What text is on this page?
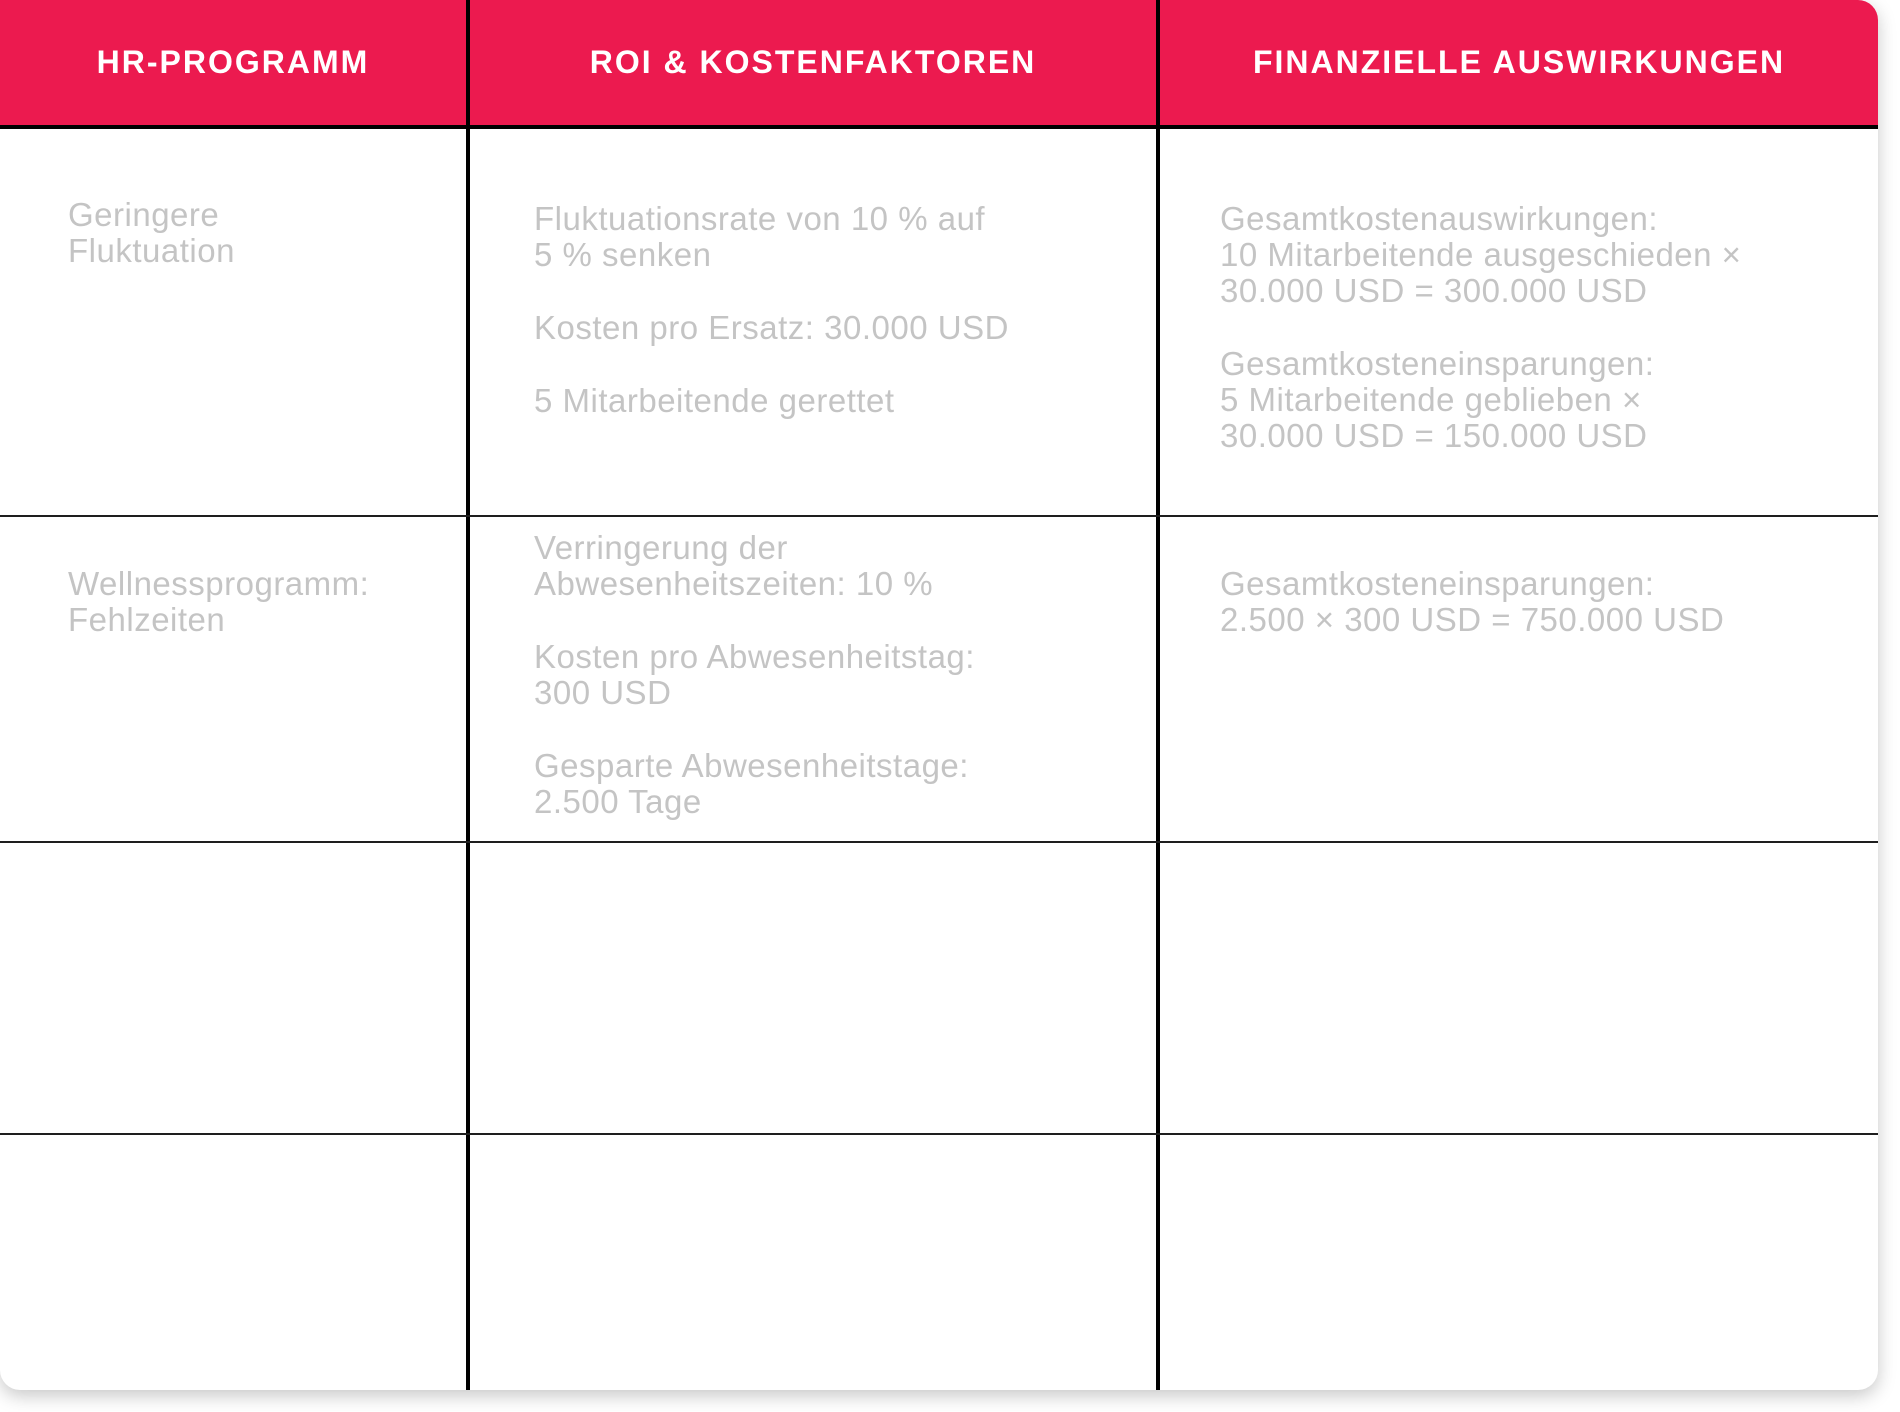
HR-PROGRAMM	ROI & KOSTENFAKTOREN	FINANZIELLE AUSWIRKUNGEN

Geringere
Fluktuation

Fluktuationsrate von 10 % auf
5 % senken

Kosten pro Ersatz: 30.000 USD

5 Mitarbeitende gerettet

Gesamtkostenauswirkungen:
10 Mitarbeitende ausgeschieden ×
30.000 USD = 300.000 USD

Gesamtkosteneinsparungen:
5 Mitarbeitende geblieben ×
30.000 USD = 150.000 USD

Wellnessprogramm:
Fehlzeiten

Verringerung der
Abwesenheitszeiten: 10 %

Kosten pro Abwesenheitstag:
300 USD

Gesparte Abwesenheitstage:
2.500 Tage

Gesamtkosteneinsparungen:
2.500 × 300 USD = 750.000 USD
